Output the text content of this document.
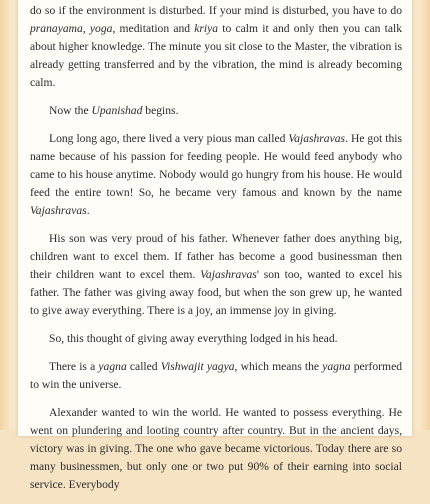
do so if the environment is disturbed. If your mind is disturbed, you have to do pranayama, yoga, meditation and kriya to calm it and only then you can talk about higher knowledge. The minute you sit close to the Master, the vibration is already getting transferred and by the vibration, the mind is already becoming calm.

Now the Upanishad begins.

Long long ago, there lived a very pious man called Vajashravas. He got this name because of his passion for feeding people. He would feed anybody who came to his house anytime. Nobody would go hungry from his house. He would feed the entire town! So, he became very famous and known by the name Vajashravas.

His son was very proud of his father. Whenever father does anything big, children want to excel them. If father has become a good businessman then their children want to excel them. Vajashravas' son too, wanted to excel his father. The father was giving away food, but when the son grew up, he wanted to give away everything. There is a joy, an immense joy in giving.

So, this thought of giving away everything lodged in his head.

There is a yagna called Vishwajit yagya, which means the yagna performed to win the universe.

Alexander wanted to win the world. He wanted to possess everything. He went on plundering and looting country after country. But in the ancient days, victory was in giving. The one who gave became victorious. Today there are so many businessmen, but only one or two put 90% of their earning into social service. Everybody
